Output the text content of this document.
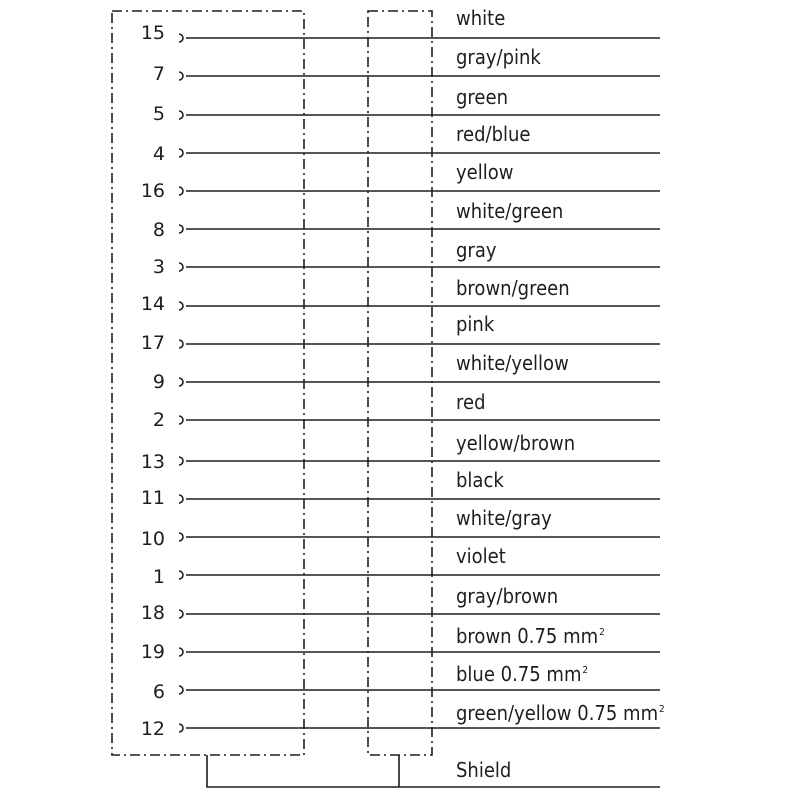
15
7
5
4
16
8
3
14
17
9
2
13
11
10
1
18
19
6
12
white
gray/pink
green
red/blue
yellow
white/green
gray
brown/green
pink
white/yellow
red
yellow/brown
black
white/gray
violet
gray/brown
brown 0.75 $mm^2$
blue 0.75 $mm^2$
green/yellow 0.75 $mm^2$
Shield
